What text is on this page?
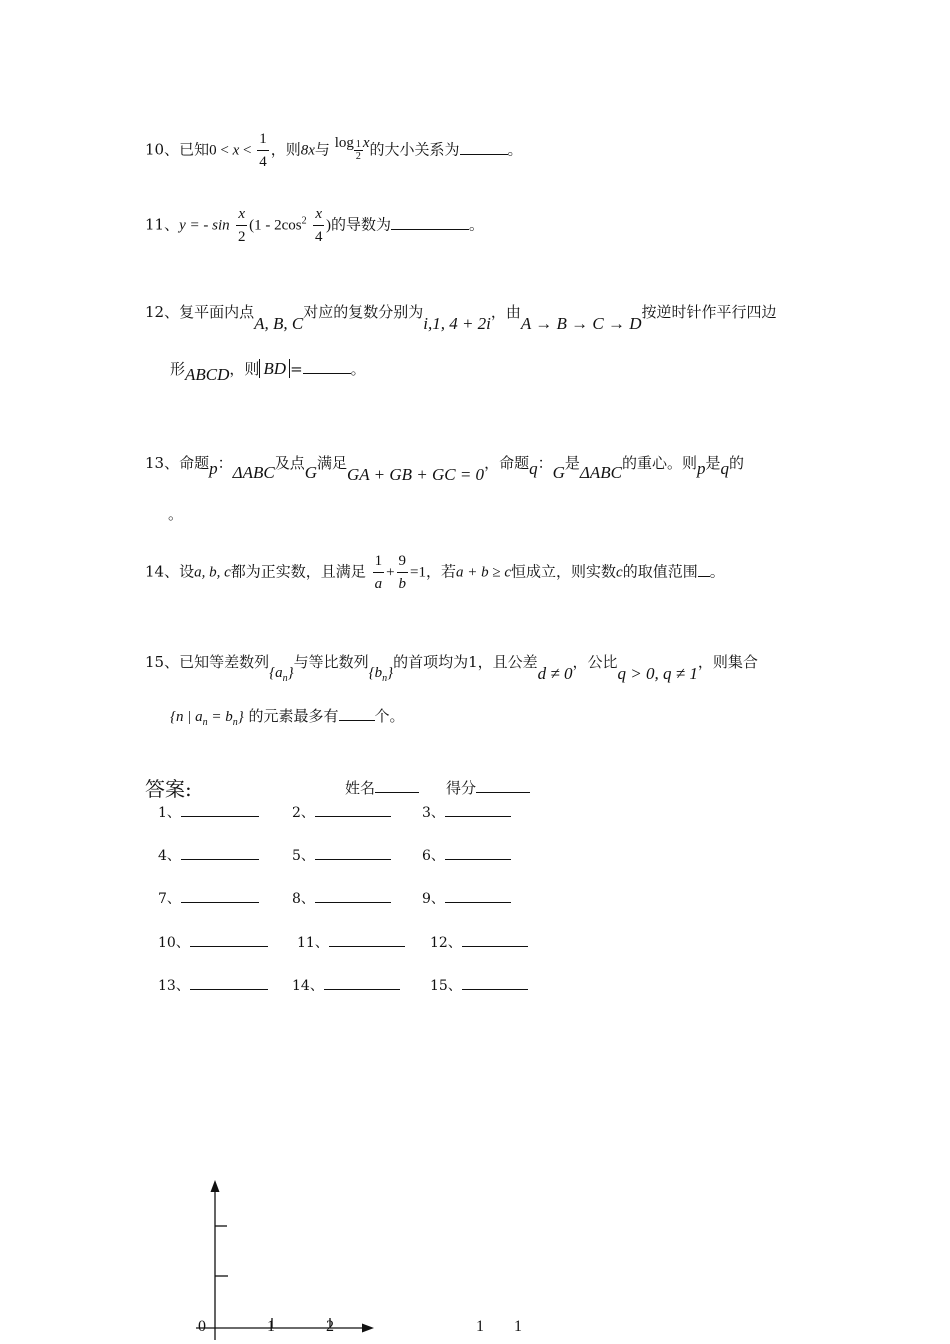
10、已知$0 < x < \frac{1}{4}$ ，则8x与 $\log \frac{1}{2}$ x的大小关系为	。
11、y = - $\sin \frac{x}{2} (1 - 2\cos^2 \frac{x}{4}$ )的导数为	。
12、复平面内点A, B, C对应的复数分别为i,1, 4 + 2i，由A → B → C → D按逆时针作平行四边
形ABCD，则 BD =	。
13、命题p：ΔABC及点G满足GA + GB + GC = 0，命题q：G是ΔABC的重心。则p是q的
。
14、设a, b, c都为正实数，且满足 $\frac{1}{a} + \frac{9}{b} =1$，若a + b ≥ c恒成立，则实数c的取值范围 。
15、已知等差数列$\{a_n\}$与等比数列$\{b_n\}$的首项均为1，且公差d ≠ 0，公比q > 0, q ≠ 1，则集合
{n | $a_n = b_n$} 的元素最多有 个。
答案:	姓名	得分
1、	2、	3、
4、	5、	6、
7、	8、	9、
10、	11、	12、
13、	14、	15、
0	1	2	1 1
